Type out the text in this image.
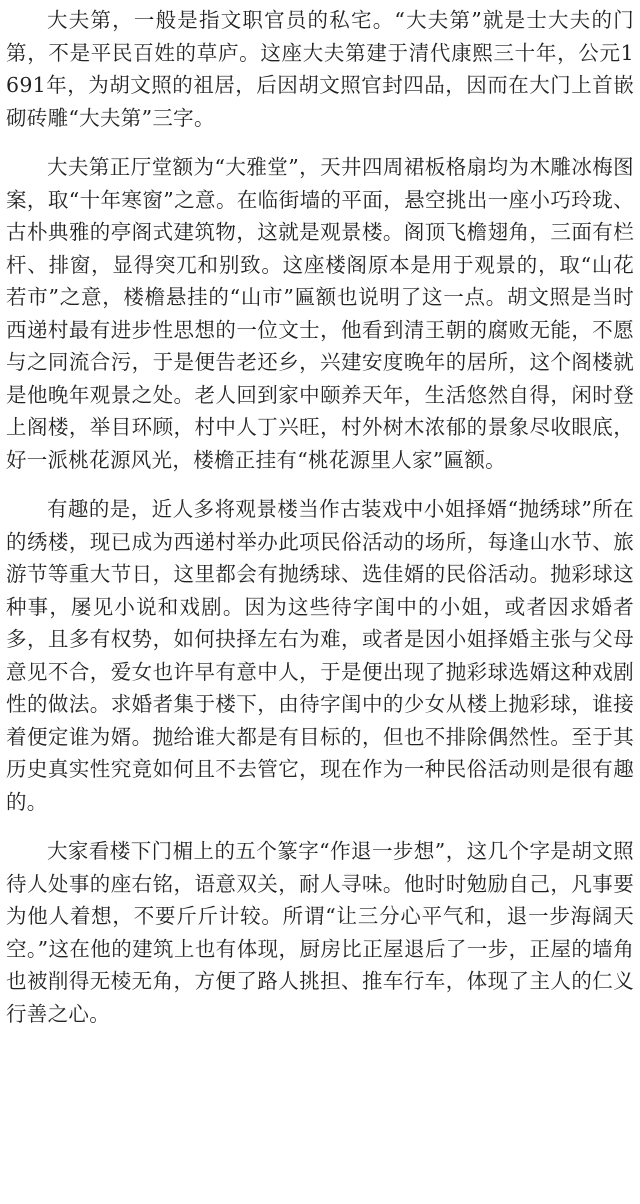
大夫第，一般是指文职官员的私宅。“大夫第”就是士大夫的门第，不是平民百姓的草庐。这座大夫第建于清代康熙三十年，公元1691年，为胡文照的祖居，后因胡文照官封四品，因而在大门上首嵌砌砖雕“大夫第”三字。

大夫第正厅堂额为“大雅堂”，天井四周裙板格扇均为木雕冰梅图案，取“十年寒窗”之意。在临街墙的平面，悬空挑出一座小巧玲珑、古朴典雅的亭阁式建筑物，这就是观景楼。阁顶飞檐翅角，三面有栏杆、排窗，显得突兀和别致。这座楼阁原本是用于观景的，取“山花若市”之意，楼檐悬挂的“山市”匾额也说明了这一点。胡文照是当时西递村最有进步性思想的一位文士，他看到清王朝的腐败无能，不愿与之同流合污，于是便告老还乡，兴建安度晚年的居所，这个阁楼就是他晚年观景之处。老人回到家中颐养天年，生活悠然自得，闲时登上阁楼，举目环顾，村中人丁兴旺，村外树木浓郁的景象尽收眼底，好一派桃花源风光，楼檐正挂有“桃花源里人家”匾额。

有趣的是，近人多将观景楼当作古装戏中小姐择婿“抛绣球”所在的绣楼，现已成为西递村举办此项民俗活动的场所，每逢山水节、旅游节等重大节日，这里都会有抛绣球、选佳婿的民俗活动。抛彩球这种事，屡见小说和戏剧。因为这些待字闺中的小姐，或者因求婚者多，且多有权势，如何抉择左右为难，或者是因小姐择婚主张与父母意见不合，爱女也许早有意中人，于是便出现了抛彩球选婿这种戏剧性的做法。求婚者集于楼下，由待字闺中的少女从楼上抛彩球，谁接着便定谁为婿。抛给谁大都是有目标的，但也不排除偶然性。至于其历史真实性究竟如何且不去管它，现在作为一种民俗活动则是很有趣的。

大家看楼下门楣上的五个篆字“作退一步想”，这几个字是胡文照待人处事的座右铭，语意双关，耐人寻味。他时时勉励自己，凡事要为他人着想，不要斤斤计较。所谓“让三分心平气和，退一步海阔天空。”这在他的建筑上也有体现，厨房比正屋退后了一步，正屋的墙角也被削得无棱无角，方便了路人挑担、推车行车，体现了主人的仁义行善之心。
